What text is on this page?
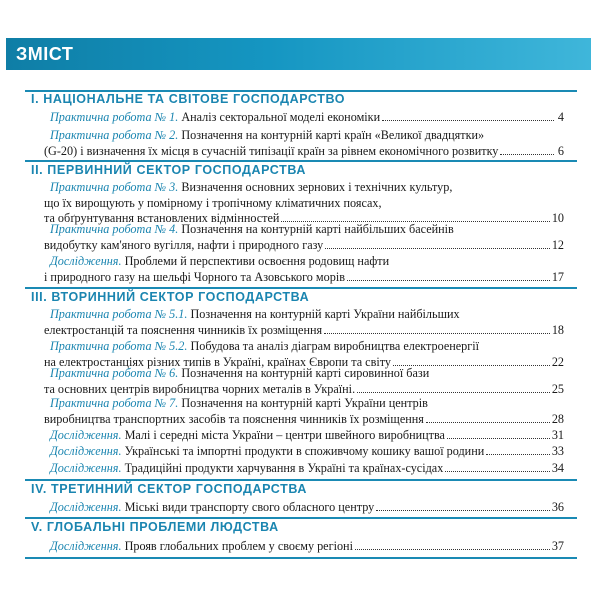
ЗМІСТ
І. НАЦІОНАЛЬНЕ ТА СВІТОВЕ ГОСПОДАРСТВО
Практична робота № 1. Аналіз секторальної моделі економіки	4
Практична робота № 2. Позначення на контурній карті країн «Великої двадцятки»
(G-20) і визначення їх місця в сучасній типізації країн за рівнем економічного розвитку	6
ІІ. ПЕРВИННИЙ СЕКТОР ГОСПОДАРСТВА
Практична робота № 3. Визначення основних зернових і технічних культур,
що їх вирощують у помірному і тропічному кліматичних поясах,
та обґрунтування встановлених відмінностей	10
Практична робота № 4. Позначення на контурній карті найбільших басейнів
видобутку кам'яного вугілля, нафти і природного газу	12
Дослідження. Проблеми й перспективи освоєння родовищ нафти
і природного газу на шельфі Чорного та Азовського морів	17
ІІІ. ВТОРИННИЙ СЕКТОР ГОСПОДАРСТВА
Практична робота № 5.1. Позначення на контурній карті України найбільших
електростанцій та пояснення чинників їх розміщення	18
Практична робота № 5.2. Побудова та аналіз діаграм виробництва електроенергії
на електростанціях різних типів в Україні, країнах Європи та світу	22
Практична робота № 6. Позначення на контурній карті сировинної бази
та основних центрів виробництва чорних металів в Україні.	25
Практична робота № 7. Позначення на контурній карті України центрів
виробництва транспортних засобів та пояснення чинників їх розміщення	28
Дослідження. Малі і середні міста України – центри швейного виробництва	31
Дослідження. Українські та імпортні продукти в споживчому кошику вашої родини	33
Дослідження. Традиційні продукти харчування в Україні та країнах-сусідах	34
IV. ТРЕТИННИЙ СЕКТОР ГОСПОДАРСТВА
Дослідження. Міські види транспорту свого обласного центру	36
V. ГЛОБАЛЬНІ ПРОБЛЕМИ ЛЮДСТВА
Дослідження. Прояв глобальних проблем у своєму регіоні	37
